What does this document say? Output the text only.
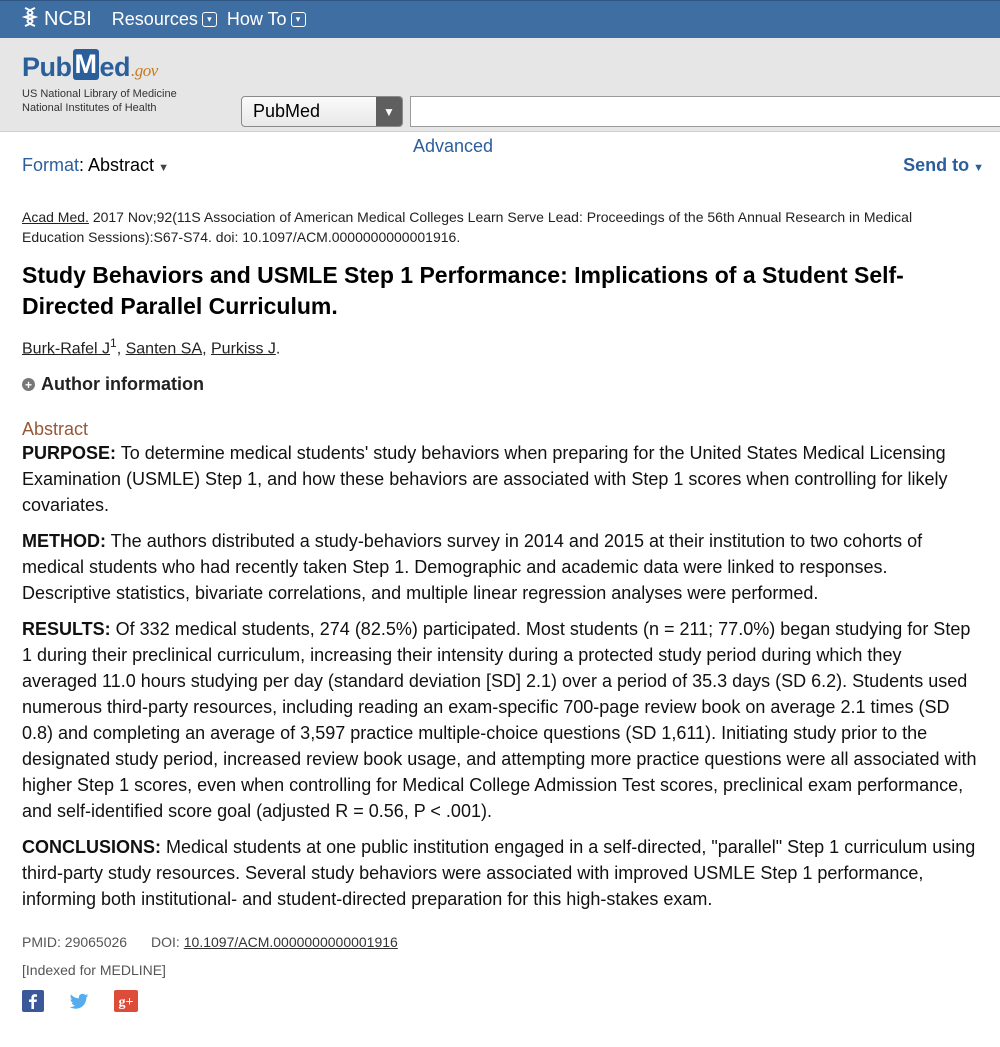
NCBI Resources	▾ How To	▾
Pub M ed .gov
US National Library of Medicine
National Institutes of Health	PubMed	▼
Advanced
Format: Abstract ▼	Send to ▼
Acad Med. 2017 Nov;92(11S Association of American Medical Colleges Learn Serve Lead: Proceedings of the 56th Annual Research in Medical Education Sessions):S67-S74. doi: 10.1097/ACM.0000000000001916.
Study Behaviors and USMLE Step 1 Performance: Implications of a Student Self-Directed Parallel Curriculum.
Burk-Rafel $J^1$, Santen SA, Purkiss J.
+ Author information
Abstract

PURPOSE: To determine medical students' study behaviors when preparing for the United States Medical Licensing Examination (USMLE) Step 1, and how these behaviors are associated with Step 1 scores when controlling for likely covariates.

METHOD: The authors distributed a study-behaviors survey in 2014 and 2015 at their institution to two cohorts of medical students who had recently taken Step 1. Demographic and academic data were linked to responses. Descriptive statistics, bivariate correlations, and multiple linear regression analyses were performed.

RESULTS: Of 332 medical students, 274 (82.5%) participated. Most students (n = 211; 77.0%) began studying for Step 1 during their preclinical curriculum, increasing their intensity during a protected study period during which they averaged 11.0 hours studying per day (standard deviation [SD] 2.1) over a period of 35.3 days (SD 6.2). Students used numerous third-party resources, including reading an exam-specific 700-page review book on average 2.1 times (SD 0.8) and completing an average of 3,597 practice multiple-choice questions (SD 1,611). Initiating study prior to the designated study period, increased review book usage, and attempting more practice questions were all associated with higher Step 1 scores, even when controlling for Medical College Admission Test scores, preclinical exam performance, and self-identified score goal (adjusted R = 0.56, P < .001).

CONCLUSIONS: Medical students at one public institution engaged in a self-directed, "parallel" Step 1 curriculum using third-party study resources. Several study behaviors were associated with improved USMLE Step 1 performance, informing both institutional- and student-directed preparation for this high-stakes exam.

PMID: 29065026 DOI: 10.1097/ACM.0000000000001916
[Indexed for MEDLINE]
g+
